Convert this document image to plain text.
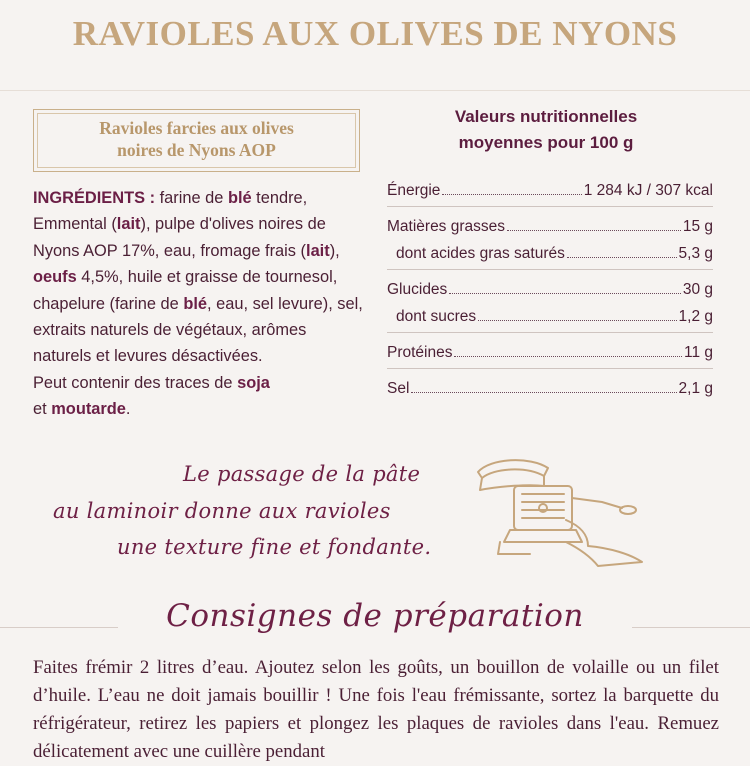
RAVIOLES AUX OLIVES DE NYONS
Ravioles farcies aux olives
noires de Nyons AOP
INGRÉDIENTS : farine de blé tendre, Emmental (lait), pulpe d'olives noires de Nyons AOP 17%, eau, fromage frais (lait), oeufs 4,5%, huile et graisse de tournesol, chapelure (farine de blé, eau, sel levure), sel, extraits naturels de végétaux, arômes naturels et levures désactivées.
Peut contenir des traces de soja
et moutarde.
Valeurs nutritionnelles
moyennes pour 100 g
Énergie	1 284 kJ / 307 kcal
Matières grasses	15 g
dont acides gras saturés	5,3 g
Glucides	30 g
dont sucres	1,2 g
Protéines	11 g
Sel	2,1 g
Le passage de la pâte
au laminoir donne aux ravioles
une texture fine et fondante.
Consignes de préparation

Faites frémir 2 litres d’eau. Ajoutez selon les goûts, un bouillon de volaille ou un filet d’huile. L’eau ne doit jamais bouillir ! Une fois l'eau frémissante, sortez la barquette du réfrigérateur, retirez les papiers et plongez les plaques de ravioles dans l'eau. Remuez délicatement avec une cuillère pendant
